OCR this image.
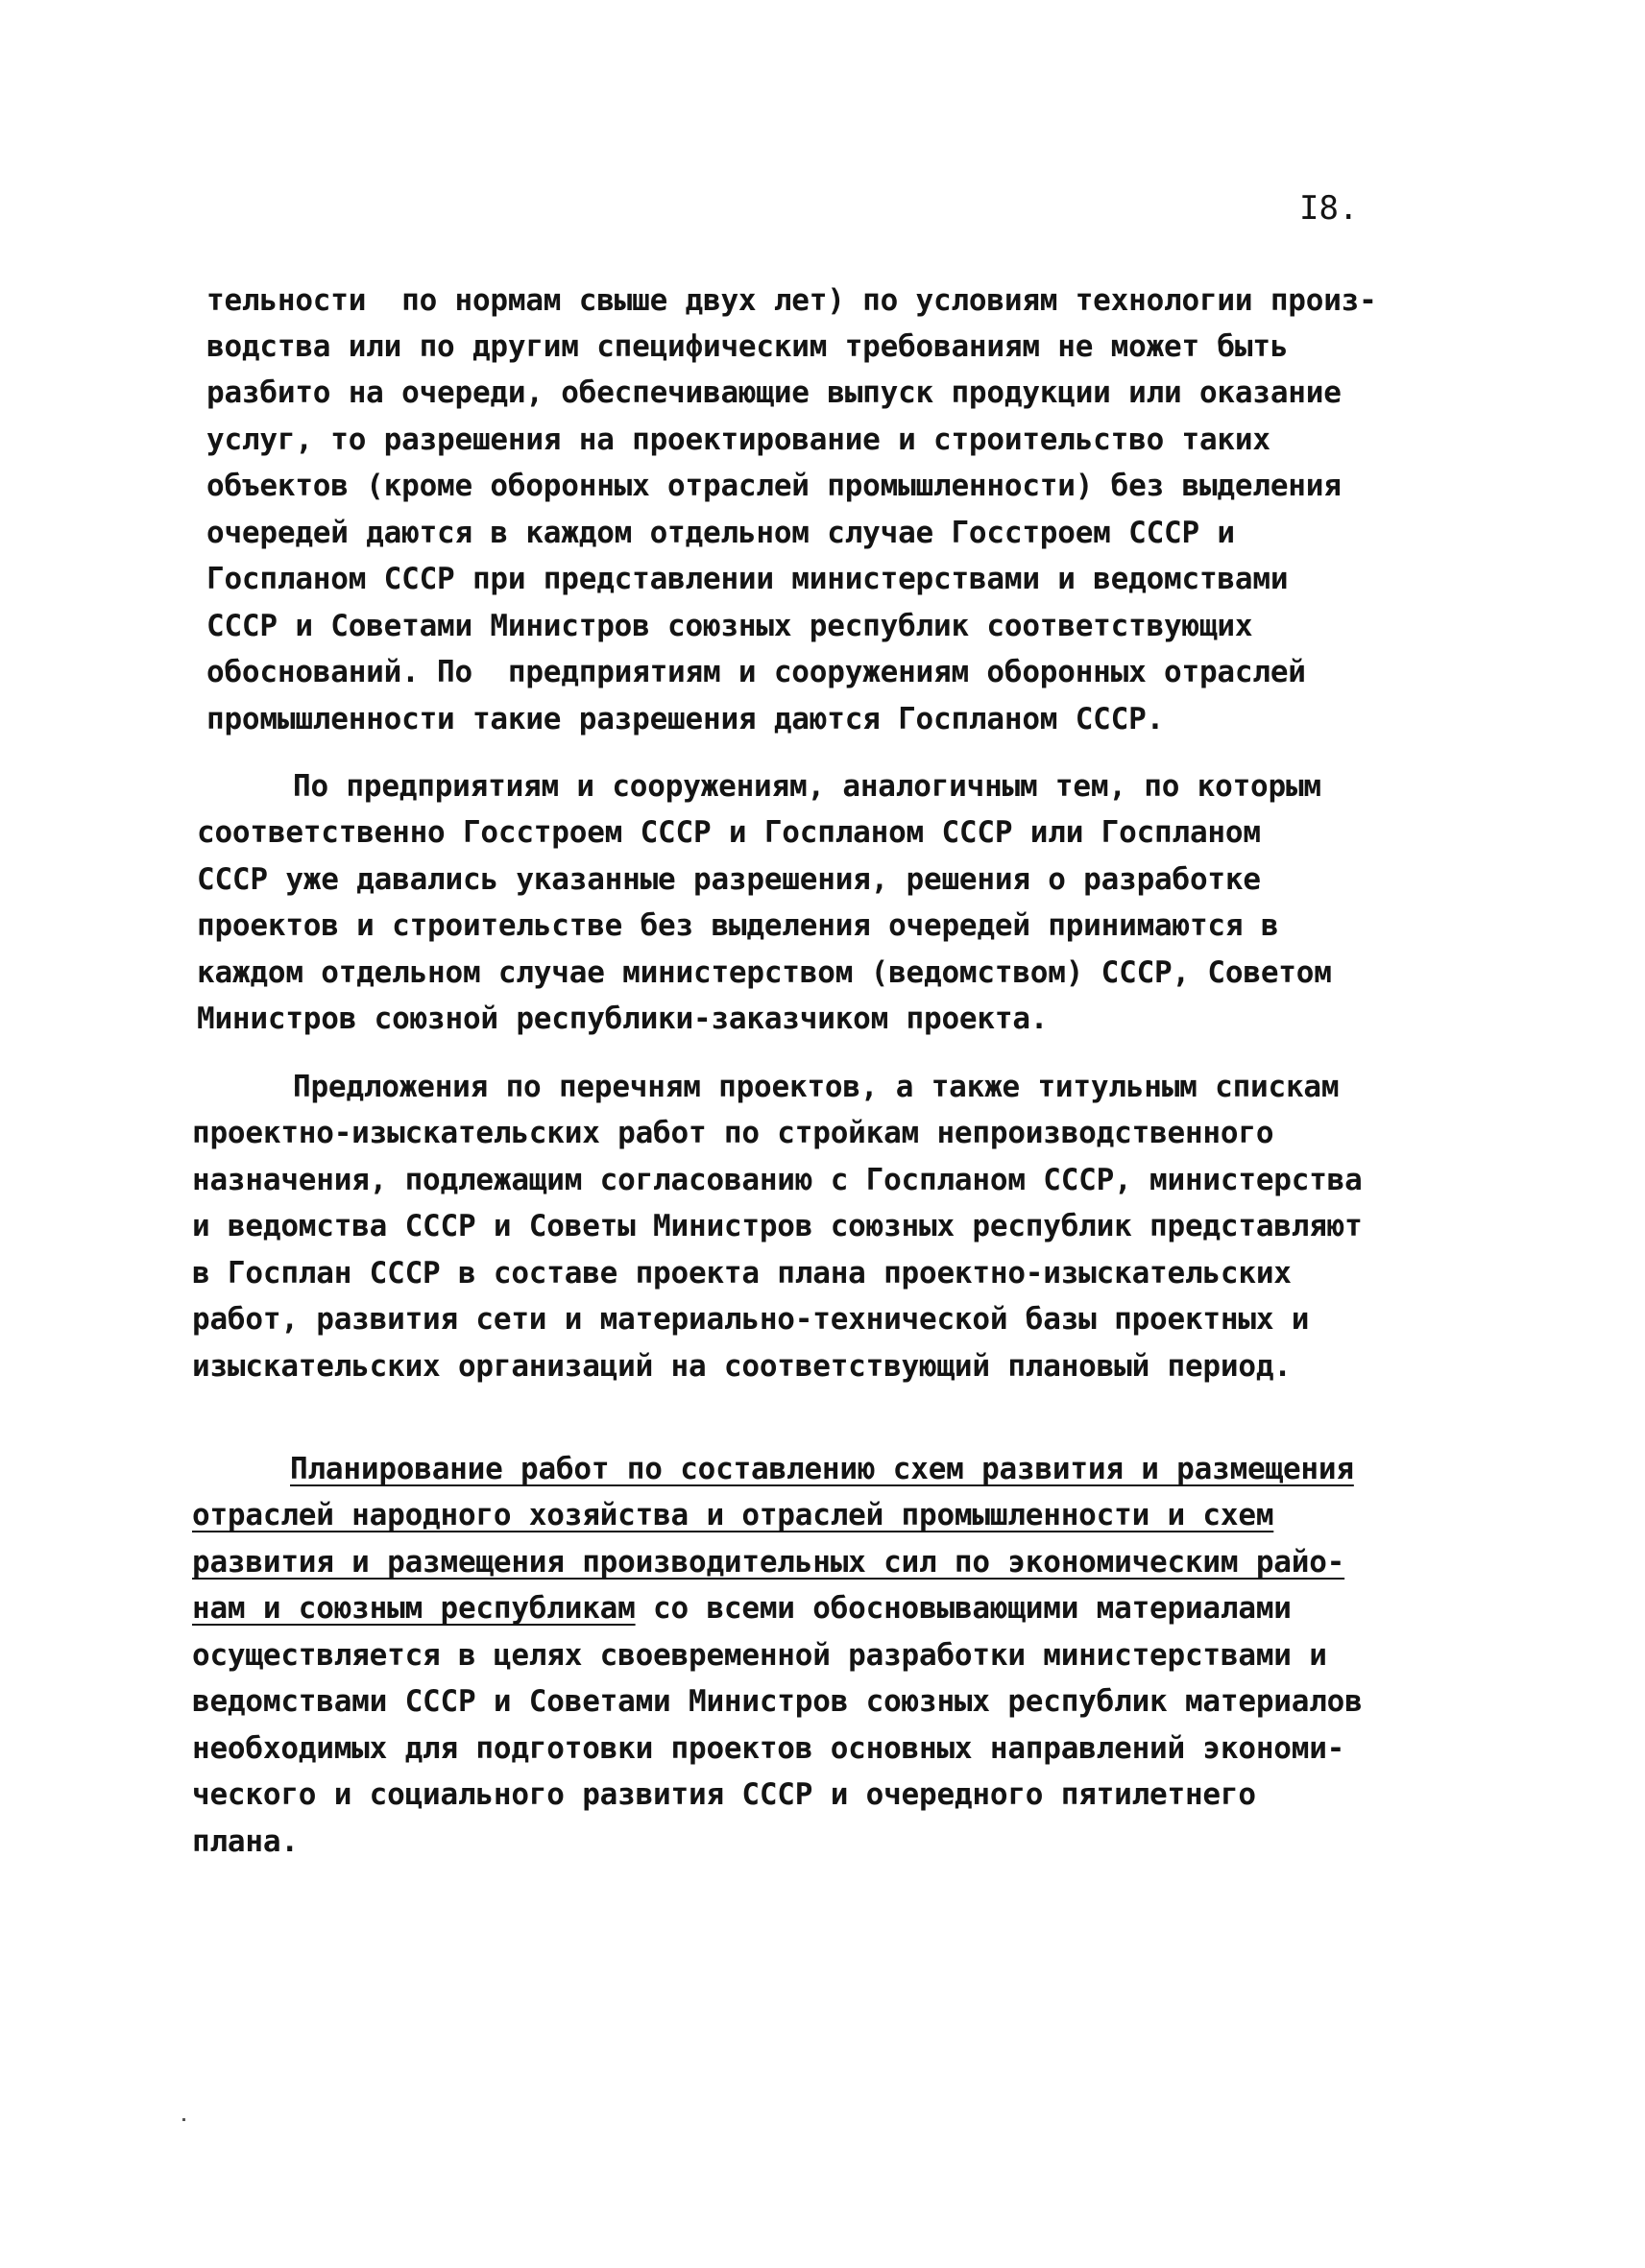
I8.

тельности  по нормам свыше двух лет) по условиям технологии произ-

водства или по другим специфическим требованиям не может быть

разбито на очереди, обеспечивающие выпуск продукции или оказание

услуг, то разрешения на проектирование и строительство таких

объектов (кроме оборонных отраслей промышленности) без выделения

очередей даются в каждом отдельном случае Госстроем СССР и

Госпланом СССР при представлении министерствами и ведомствами

СССР и Советами Министров союзных республик соответствующих

обоснований. По  предприятиям и сооружениям оборонных отраслей

промышленности такие разрешения даются Госпланом СССР.

По предприятиям и сооружениям, аналогичным тем, по которым

соответственно Госстроем СССР и Госпланом СССР или Госпланом

СССР уже давались указанные разрешения, решения о разработке

проектов и строительстве без выделения очередей принимаются в

каждом отдельном случае министерством (ведомством) СССР, Советом

Министров союзной республики-заказчиком проекта.

Предложения по перечням проектов, а также титульным спискам

проектно-изыскательских работ по стройкам непроизводственного

назначения, подлежащим согласованию с Госпланом СССР, министерства

и ведомства СССР и Советы Министров союзных республик представляют

в Госплан СССР в составе проекта плана проектно-изыскательских

работ, развития сети и материально-технической базы проектных и

изыскательских организаций на соответствующий плановый период.

Планирование работ по составлению схем развития и размещения

отраслей народного хозяйства и отраслей промышленности и схем

развития и размещения производительных сил по экономическим райо-

нам и союзным республикам со всеми обосновывающими материалами

осуществляется в целях своевременной разработки министерствами и

ведомствами СССР и Советами Министров союзных республик материалов

необходимых для подготовки проектов основных направлений экономи-

ческого и социального развития СССР и очередного пятилетнего

плана.
